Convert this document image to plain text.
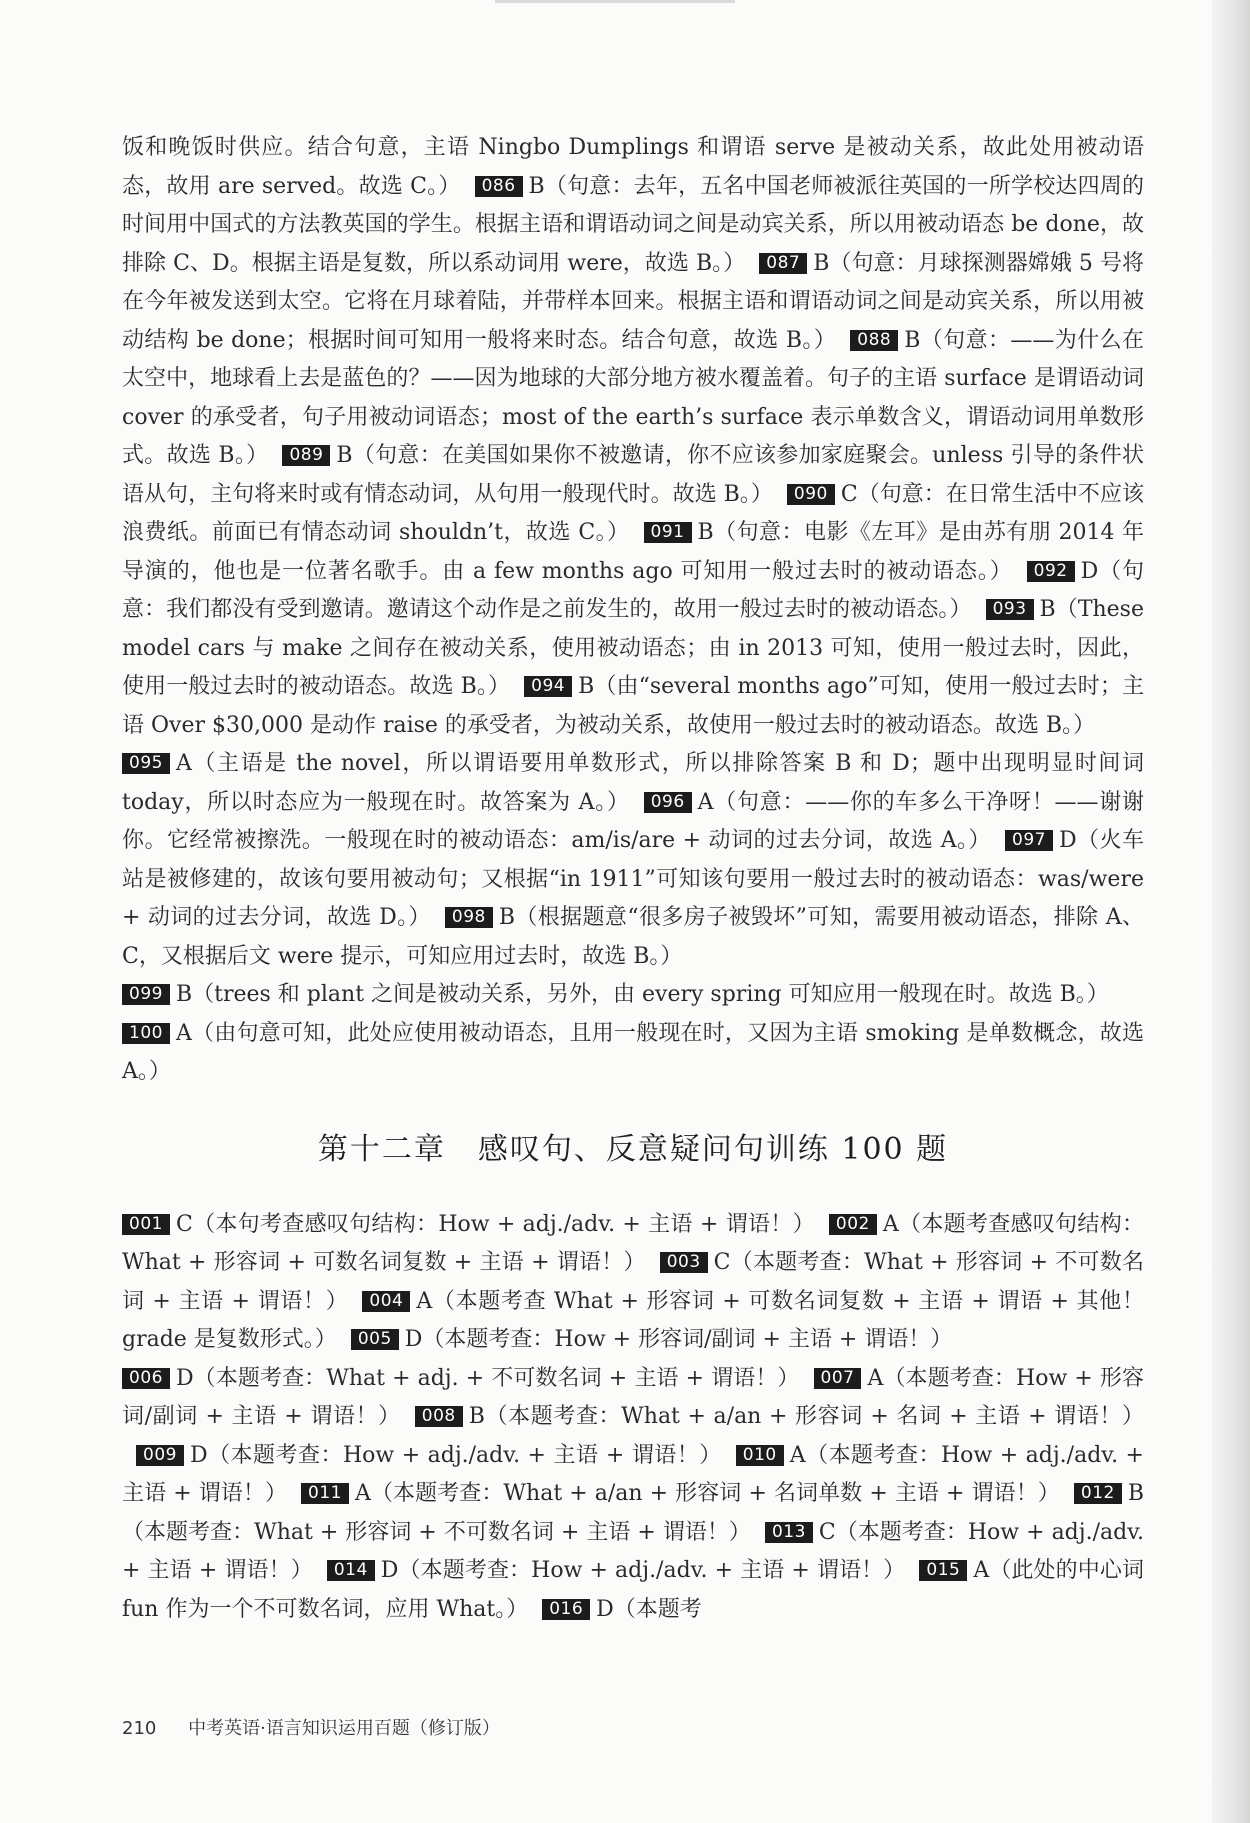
饭和晚饭时供应。结合句意，主语 Ningbo Dumplings 和谓语 serve 是被动关系，故此处用被动语态，故用 are served。故选 C。） 086 B（句意：去年，五名中国老师被派往英国的一所学校达四周的时间用中国式的方法教英国的学生。根据主语和谓语动词之间是动宾关系，所以用被动语态 be done，故排除 C、D。根据主语是复数，所以系动词用 were，故选 B。） 087 B（句意：月球探测器嫦娥 5 号将在今年被发送到太空。它将在月球着陆，并带样本回来。根据主语和谓语动词之间是动宾关系，所以用被动结构 be done；根据时间可知用一般将来时态。结合句意，故选 B。） 088 B（句意：——为什么在太空中，地球看上去是蓝色的？——因为地球的大部分地方被水覆盖着。句子的主语 surface 是谓语动词 cover 的承受者，句子用被动词语态；most of the earth’s surface 表示单数含义，谓语动词用单数形式。故选 B。） 089 B（句意：在美国如果你不被邀请，你不应该参加家庭聚会。unless 引导的条件状语从句，主句将来时或有情态动词，从句用一般现代时。故选 B。） 090 C（句意：在日常生活中不应该浪费纸。前面已有情态动词 shouldn’t，故选 C。） 091 B（句意：电影《左耳》是由苏有朋 2014 年导演的，他也是一位著名歌手。由 a few months ago 可知用一般过去时的被动语态。） 092 D（句意：我们都没有受到邀请。邀请这个动作是之前发生的，故用一般过去时的被动语态。） 093 B（These model cars 与 make 之间存在被动关系，使用被动语态；由 in 2013 可知，使用一般过去时，因此，使用一般过去时的被动语态。故选 B。） 094 B（由“several months ago”可知，使用一般过去时；主语 Over $30,000 是动作 raise 的承受者，为被动关系，故使用一般过去时的被动语态。故选 B。）

095 A（主语是 the novel，所以谓语要用单数形式，所以排除答案 B 和 D；题中出现明显时间词 today，所以时态应为一般现在时。故答案为 A。） 096 A（句意：——你的车多么干净呀！——谢谢你。它经常被擦洗。一般现在时的被动语态：am/is/are + 动词的过去分词，故选 A。） 097 D（火车站是被修建的，故该句要用被动句；又根据“in 1911”可知该句要用一般过去时的被动语态：was/were + 动词的过去分词，故选 D。） 098 B（根据题意“很多房子被毁坏”可知，需要用被动语态，排除 A、C，又根据后文 were 提示，可知应用过去时，故选 B。）

099 B（trees 和 plant 之间是被动关系，另外，由 every spring 可知应用一般现在时。故选 B。）

100 A（由句意可知，此处应使用被动语态，且用一般现在时，又因为主语 smoking 是单数概念，故选 A。）

第十二章　感叹句、反意疑问句训练 100 题

001 C（本句考查感叹句结构：How + adj./adv. + 主语 + 谓语！） 002 A（本题考查感叹句结构：What + 形容词 + 可数名词复数 + 主语 + 谓语！） 003 C（本题考查：What + 形容词 + 不可数名词 + 主语 + 谓语！） 004 A（本题考查 What + 形容词 + 可数名词复数 + 主语 + 谓语 + 其他！grade 是复数形式。） 005 D（本题考查：How + 形容词/副词 + 主语 + 谓语！）

006 D（本题考查：What + adj. + 不可数名词 + 主语 + 谓语！） 007 A（本题考查：How + 形容词/副词 + 主语 + 谓语！） 008 B（本题考查：What + a/an + 形容词 + 名词 + 主语 + 谓语！）009 D（本题考查：How + adj./adv. + 主语 + 谓语！） 010 A（本题考查：How + adj./adv. + 主语 + 谓语！） 011 A（本题考查：What + a/an + 形容词 + 名词单数 + 主语 + 谓语！） 012 B（本题考查：What + 形容词 + 不可数名词 + 主语 + 谓语！） 013 C（本题考查：How + adj./adv. + 主语 + 谓语！） 014 D（本题考查：How + adj./adv. + 主语 + 谓语！） 015 A（此处的中心词 fun 作为一个不可数名词，应用 What。） 016 D（本题考

210 中考英语·语言知识运用百题（修订版）
